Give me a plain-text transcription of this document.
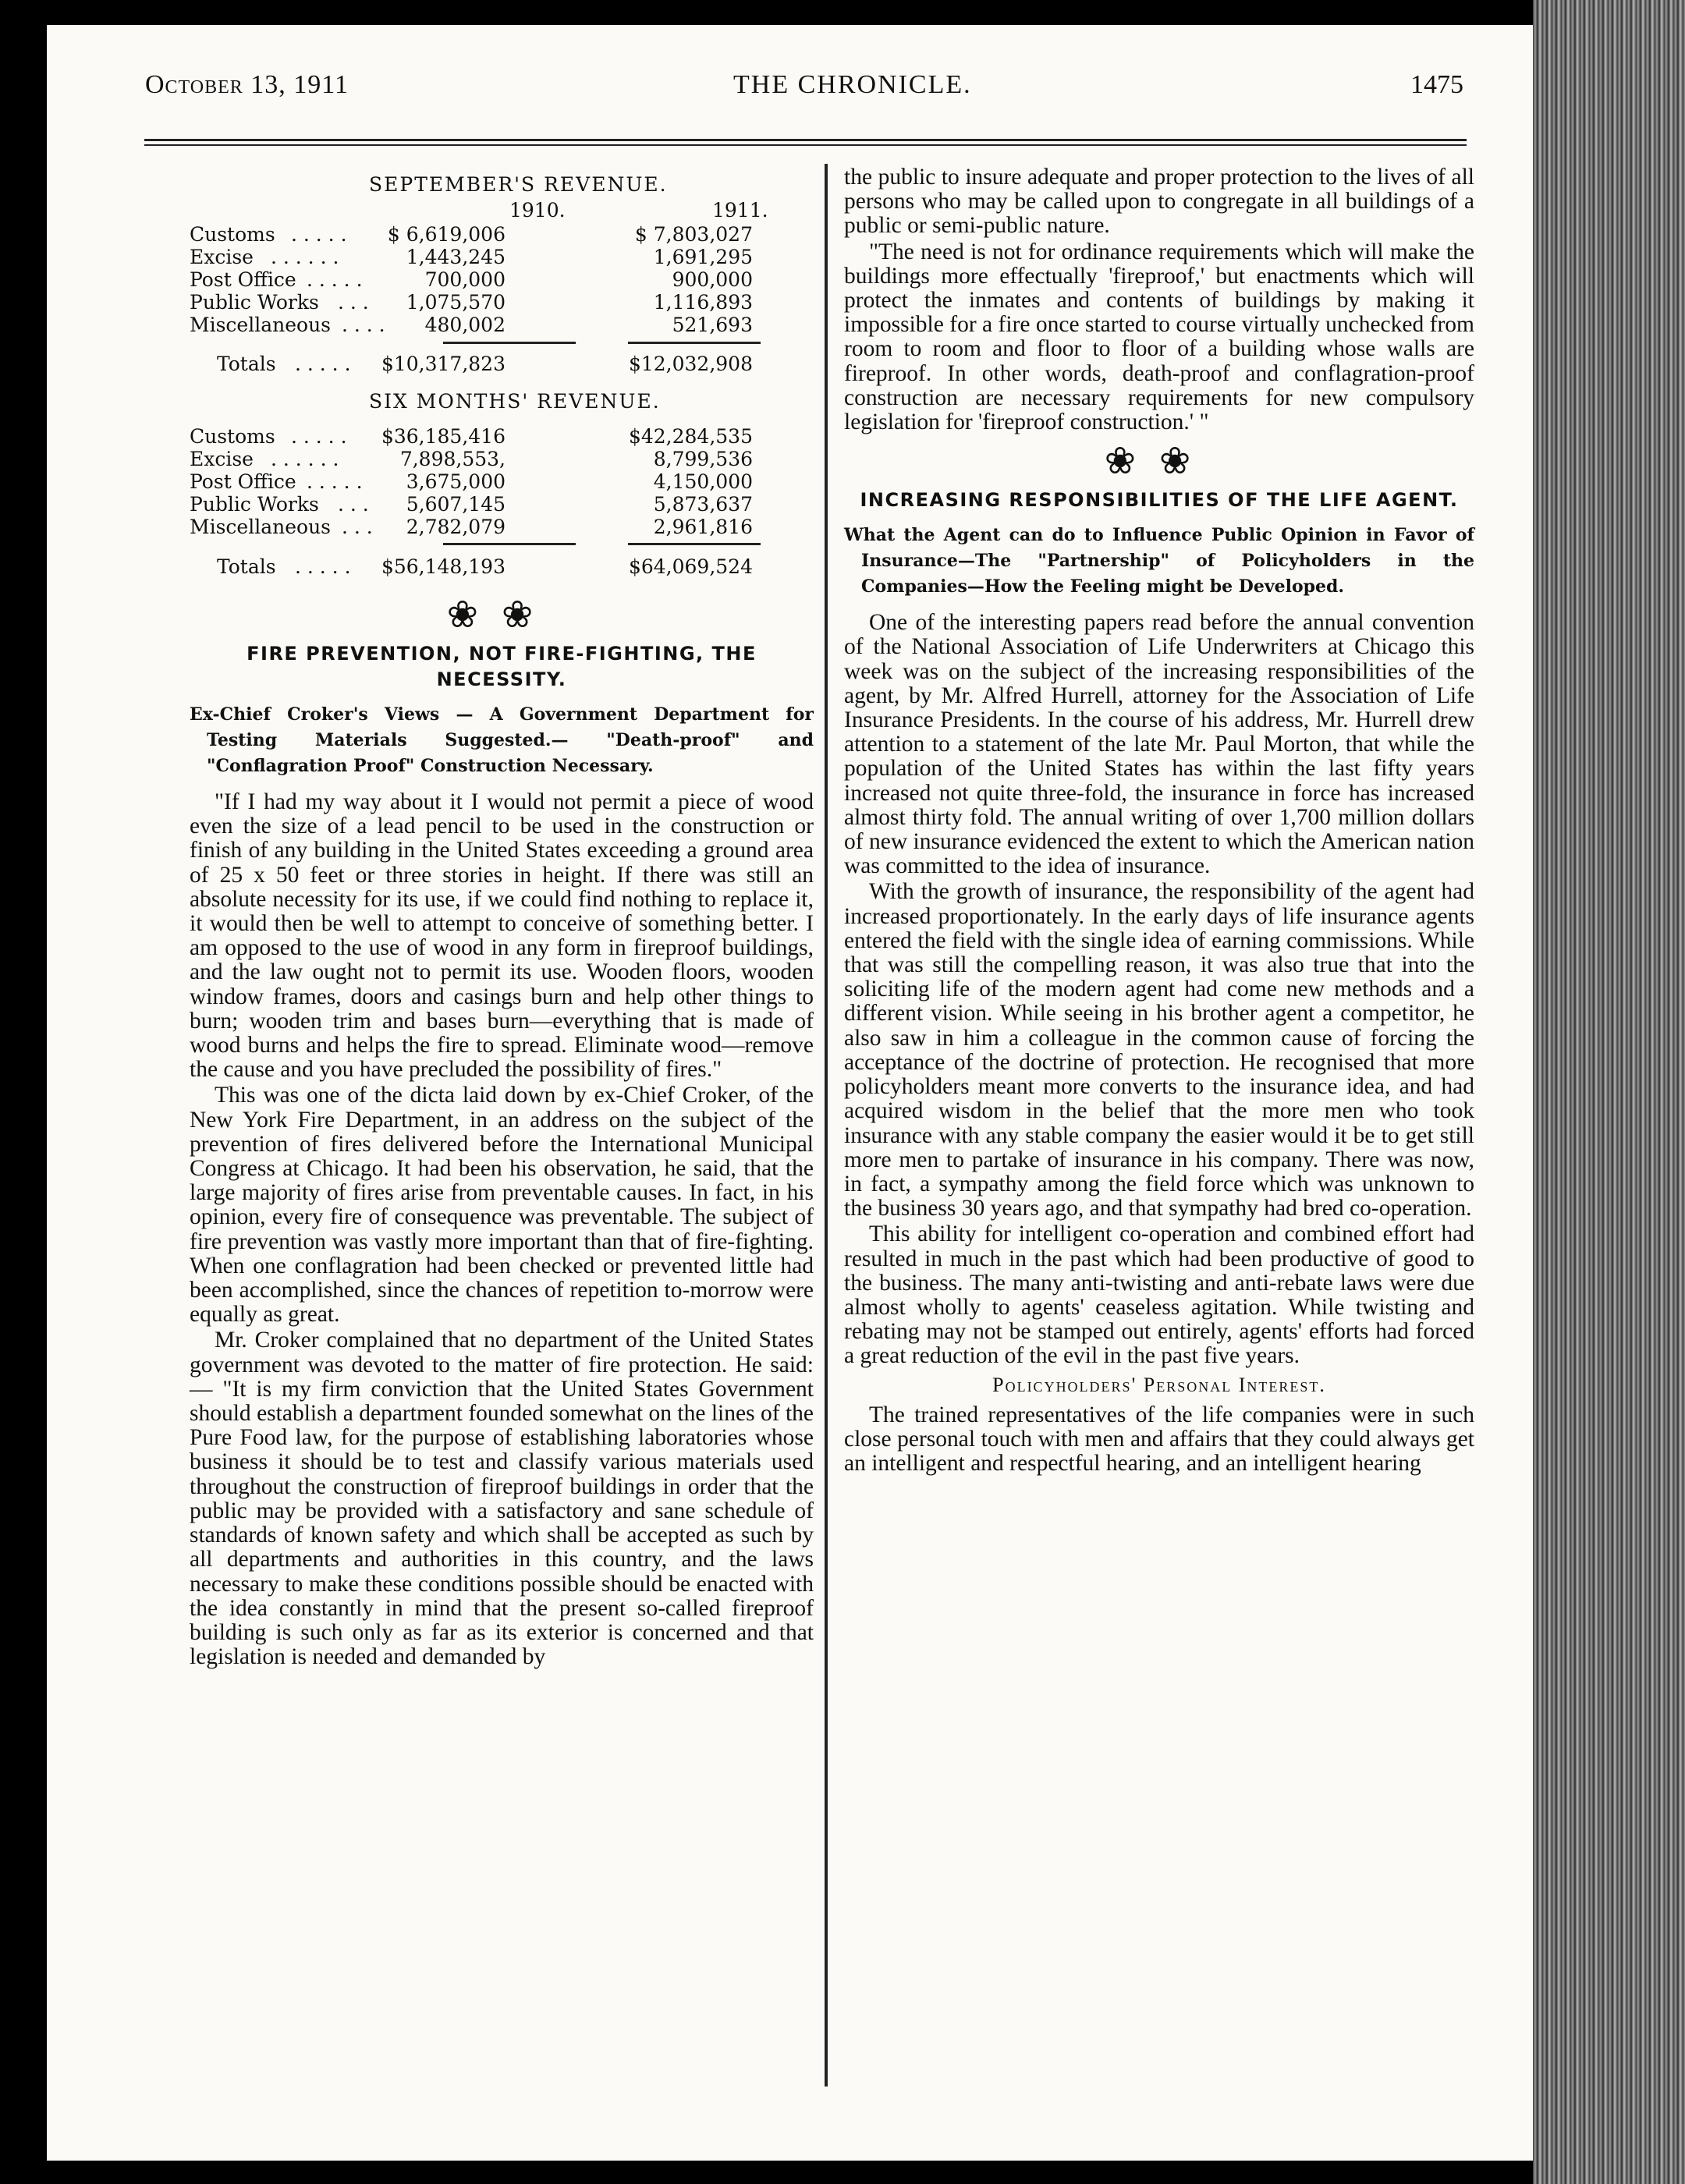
October 13, 1911	THE CHRONICLE.	1475
SEPTEMBER'S REVENUE.
1910.	1911.
Customs . . . . . $ 6,619,006	$ 7,803,027
Excise . . . . . .	1,443,245	1,691,295
Post Office . . . . .	700,000	900,000
Public Works . . . 1,075,570	1,116,893
Miscellaneous . . . . 480,002	521,693
Totals . . . . . $10,317,823	$12,032,908
SIX MONTHS' REVENUE.
Customs . . . . . $36,185,416	$42,284,535
Excise . . . . . .	7,898,553,	8,799,536
Post Office . . . . . 3,675,000	4,150,000
Public Works . . . 5,607,145	5,873,637
Miscellaneous . . . 2,782,079	2,961,816
Totals . . . . . $56,148,193	$64,069,524
❀❀

FIRE PREVENTION, NOT FIRE-FIGHTING, THE NECESSITY.

Ex-Chief Croker's Views — A Government Department for Testing Materials Suggested.— "Death-proof" and "Conflagration Proof" Construction Necessary.

"If I had my way about it I would not permit a piece of wood even the size of a lead pencil to be used in the construction or finish of any building in the United States exceeding a ground area of 25 x 50 feet or three stories in height. If there was still an absolute necessity for its use, if we could find nothing to replace it, it would then be well to attempt to conceive of something better. I am opposed to the use of wood in any form in fireproof buildings, and the law ought not to permit its use. Wooden floors, wooden window frames, doors and casings burn and help other things to burn; wooden trim and bases burn—everything that is made of wood burns and helps the fire to spread. Eliminate wood—remove the cause and you have precluded the possibility of fires."

This was one of the dicta laid down by ex-Chief Croker, of the New York Fire Department, in an address on the subject of the prevention of fires delivered before the International Municipal Congress at Chicago. It had been his observation, he said, that the large majority of fires arise from preventable causes. In fact, in his opinion, every fire of consequence was preventable. The subject of fire prevention was vastly more important than that of fire-fighting. When one conflagration had been checked or prevented little had been accomplished, since the chances of repetition to-morrow were equally as great.

Mr. Croker complained that no department of the United States government was devoted to the matter of fire protection. He said:— "It is my firm conviction that the United States Government should establish a department founded somewhat on the lines of the Pure Food law, for the purpose of establishing laboratories whose business it should be to test and classify various materials used throughout the construction of fireproof buildings in order that the public may be provided with a satisfactory and sane schedule of standards of known safety and which shall be accepted as such by all departments and authorities in this country, and the laws necessary to make these conditions possible should be enacted with the idea constantly in mind that the present so-called fireproof building is such only as far as its exterior is concerned and that legislation is needed and demanded by

the public to insure adequate and proper protection to the lives of all persons who may be called upon to congregate in all buildings of a public or semi-public nature.

"The need is not for ordinance requirements which will make the buildings more effectually 'fireproof,' but enactments which will protect the inmates and contents of buildings by making it impossible for a fire once started to course virtually unchecked from room to room and floor to floor of a building whose walls are fireproof. In other words, death-proof and conflagration-proof construction are necessary requirements for new compulsory legislation for 'fireproof construction.' "

❀❀

INCREASING RESPONSIBILITIES OF THE LIFE AGENT.

What the Agent can do to Influence Public Opinion in Favor of Insurance—The "Partnership" of Policyholders in the Companies—How the Feeling might be Developed.

One of the interesting papers read before the annual convention of the National Association of Life Underwriters at Chicago this week was on the subject of the increasing responsibilities of the agent, by Mr. Alfred Hurrell, attorney for the Association of Life Insurance Presidents. In the course of his address, Mr. Hurrell drew attention to a statement of the late Mr. Paul Morton, that while the population of the United States has within the last fifty years increased not quite three-fold, the insurance in force has increased almost thirty fold. The annual writing of over 1,700 million dollars of new insurance evidenced the extent to which the American nation was committed to the idea of insurance.

With the growth of insurance, the responsibility of the agent had increased proportionately. In the early days of life insurance agents entered the field with the single idea of earning commissions. While that was still the compelling reason, it was also true that into the soliciting life of the modern agent had come new methods and a different vision. While seeing in his brother agent a competitor, he also saw in him a colleague in the common cause of forcing the acceptance of the doctrine of protection. He recognised that more policyholders meant more converts to the insurance idea, and had acquired wisdom in the belief that the more men who took insurance with any stable company the easier would it be to get still more men to partake of insurance in his company. There was now, in fact, a sympathy among the field force which was unknown to the business 30 years ago, and that sympathy had bred co-operation.

This ability for intelligent co-operation and combined effort had resulted in much in the past which had been productive of good to the business. The many anti-twisting and anti-rebate laws were due almost wholly to agents' ceaseless agitation. While twisting and rebating may not be stamped out entirely, agents' efforts had forced a great reduction of the evil in the past five years.

Policyholders' Personal Interest.

The trained representatives of the life companies were in such close personal touch with men and affairs that they could always get an intelligent and respectful hearing, and an intelligent hearing
